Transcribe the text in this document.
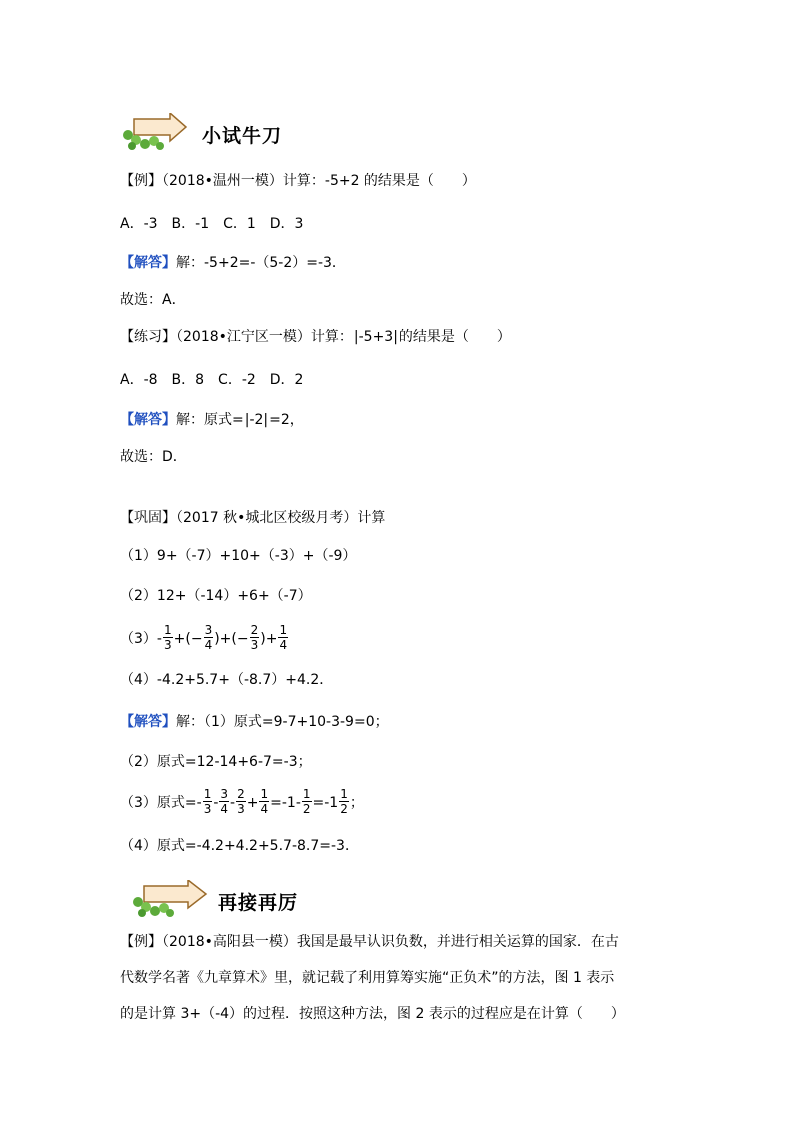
小试牛刀
【例】（2018•温州一模）计算：-5+2 的结果是（　　）
A．-3　B．-1　C．1　D．3
【解答】解：-5+2=-（5-2）=-3．
故选：A．
【练习】（2018•江宁区一模）计算：|-5+3|的结果是（　　）
A．-8　B．8　C．-2　D．2
【解答】解：原式=|-2|=2，
故选：D．
【巩固】（2017 秋•城北区校级月考）计算
（1）9+（-7）+10+（-3）+（-9）
（2）12+（-14）+6+（-7）
$(3)- \frac{1}{3}$ +(− $\frac{3}{4}$ )+(− $\frac{2}{3}$ )+ $\frac{1}{4}$
（4）-4.2+5.7+（-8.7）+4.2．
【解答】解：（1）原式=9-7+10-3-9=0；
（2）原式=12-14+6-7=-3；
（3）原式=- $\frac{1}{3} - \frac{3}{4} - \frac{2}{3} + \frac{1}{4} =-1- \frac{1}{2} =-1 \frac{1}{2}$ ；
（4）原式=-4.2+4.2+5.7-8.7=-3．
再接再厉
【例】（2018•高阳县一模）我国是最早认识负数，并进行相关运算的国家．在古
代数学名著《九章算术》里，就记载了利用算筹实施“正负术”的方法，图 1 表示
的是计算 3+（-4）的过程．按照这种方法，图 2 表示的过程应是在计算（　　）
